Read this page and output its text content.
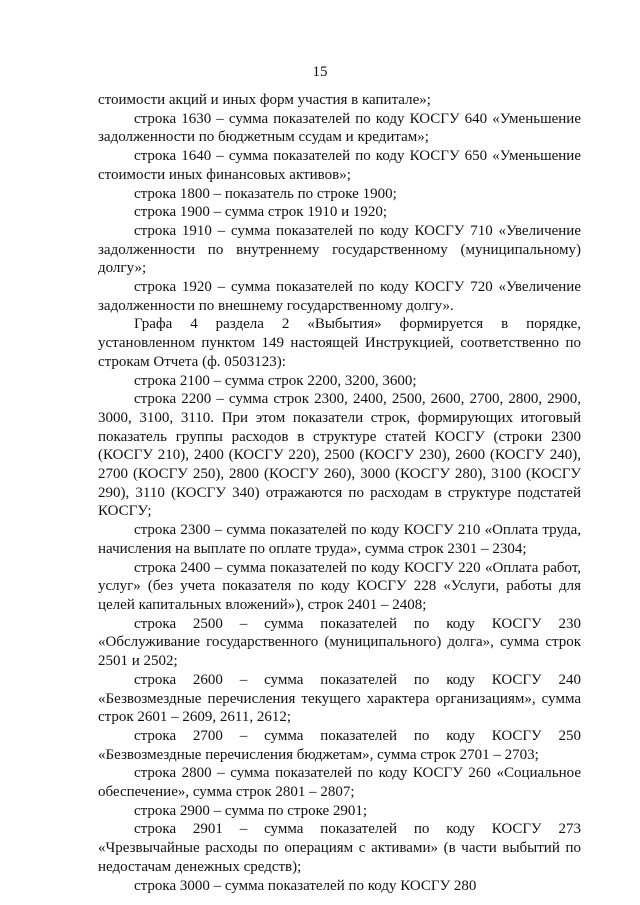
15

стоимости акций и иных форм участия в капитале»;

строка 1630 – сумма показателей по коду КОСГУ 640 «Уменьшение задолженности по бюджетным ссудам и кредитам»;

строка 1640 – сумма показателей по коду КОСГУ 650 «Уменьшение стоимости иных финансовых активов»;

строка 1800 – показатель по строке 1900;

строка 1900 – сумма строк 1910 и 1920;

строка 1910 – сумма показателей по коду КОСГУ 710 «Увеличение задолженности по внутреннему государственному (муниципальному) долгу»;

строка 1920 – сумма показателей по коду КОСГУ 720 «Увеличение задолженности по внешнему государственному долгу».

Графа 4 раздела 2 «Выбытия» формируется в порядке, установленном пунктом 149 настоящей Инструкцией, соответственно по строкам Отчета (ф. 0503123):

строка 2100 – сумма строк 2200, 3200, 3600;

строка 2200 – сумма строк 2300, 2400, 2500, 2600, 2700, 2800, 2900, 3000, 3100, 3110. При этом показатели строк, формирующих итоговый показатель группы расходов в структуре статей КОСГУ (строки 2300 (КОСГУ 210), 2400 (КОСГУ 220), 2500 (КОСГУ 230), 2600 (КОСГУ 240), 2700 (КОСГУ 250), 2800 (КОСГУ 260), 3000 (КОСГУ 280), 3100 (КОСГУ 290), 3110 (КОСГУ 340) отражаются по расходам в структуре подстатей КОСГУ;

строка 2300 – сумма показателей по коду КОСГУ 210 «Оплата труда, начисления на выплате по оплате труда», сумма строк 2301 – 2304;

строка 2400 – сумма показателей по коду КОСГУ 220 «Оплата работ, услуг» (без учета показателя по коду КОСГУ 228 «Услуги, работы для целей капитальных вложений»), строк 2401 – 2408;

строка 2500 – сумма показателей по коду КОСГУ 230 «Обслуживание государственного (муниципального) долга», сумма строк 2501 и 2502;

строка 2600 – сумма показателей по коду КОСГУ 240 «Безвозмездные перечисления текущего характера организациям», сумма строк 2601 – 2609, 2611, 2612;

строка 2700 – сумма показателей по коду КОСГУ 250 «Безвозмездные перечисления бюджетам», сумма строк 2701 – 2703;

строка 2800 – сумма показателей по коду КОСГУ 260 «Социальное обеспечение», сумма строк 2801 – 2807;

строка 2900 – сумма по строке 2901;

строка 2901 – сумма показателей по коду КОСГУ 273 «Чрезвычайные расходы по операциям с активами» (в части выбытий по недостачам денежных средств);

строка 3000 – сумма показателей по коду КОСГУ 280
